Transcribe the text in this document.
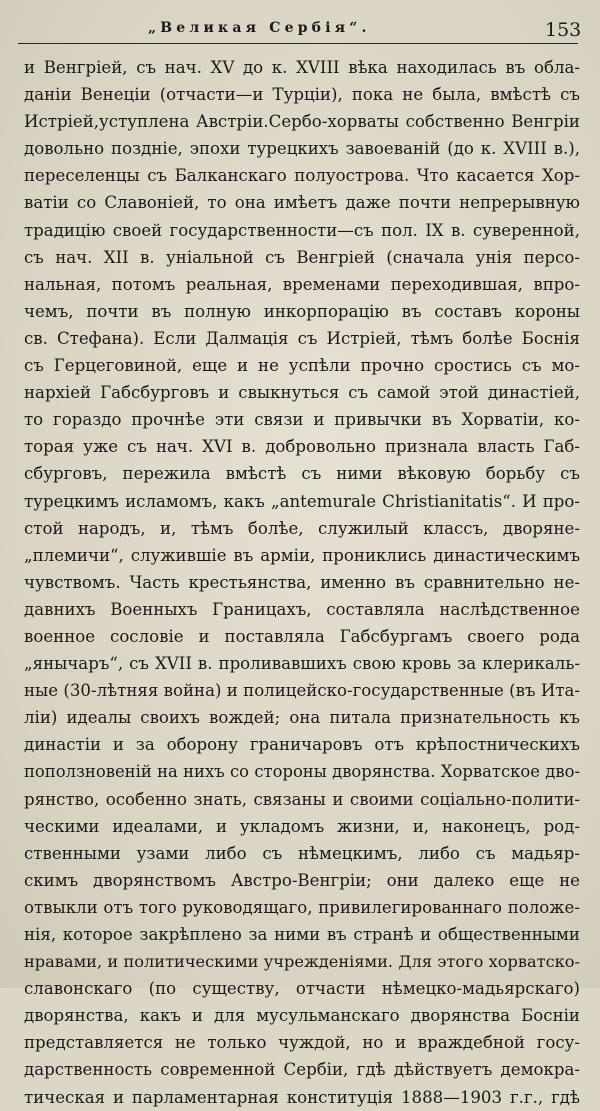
„Великая Сербія“.	153
и Венгріей, съ нач. XV до к. XVIII вѣка находилась въ обла-
даніи Венеціи (отчасти—и Турціи), пока не была, вмѣстѣ съ
Истріей,уступлена Австріи.Сербо-хорваты собственно Венгріи
довольно поздніе, эпохи турецкихъ завоеваній (до к. XVIII в.),
переселенцы съ Балканскаго полуострова. Что касается Хор-
ватіи со Славоніей, то она имѣетъ даже почти непрерывную
традицію своей государственности—съ пол. IX в. суверенной,
съ нач. XII в. уніальной съ Венгріей (сначала унія персо-
нальная, потомъ реальная, временами переходившая, впро-
чемъ, почти въ полную инкорпорацію въ составъ короны
св. Стефана). Если Далмація съ Истріей, тѣмъ болѣе Боснія
съ Герцеговиной, еще и не успѣли прочно сростись съ мо-
нархіей Габсбурговъ и свыкнуться съ самой этой династіей,
то гораздо прочнѣе эти связи и привычки въ Хорватіи, ко-
торая уже съ нач. XVI в. добровольно признала власть Габ-
сбурговъ, пережила вмѣстѣ съ ними вѣковую борьбу съ
турецкимъ исламомъ, какъ „antemurale Christianitatis“. И про-
стой народъ, и, тѣмъ болѣе, служилый классъ, дворяне-
„племичи“, служившіе въ арміи, прониклись династическимъ
чувствомъ. Часть крестьянства, именно въ сравнительно не-
давнихъ Военныхъ Границахъ, составляла наслѣдственное
военное сословіе и поставляла Габсбургамъ своего рода
„янычаръ“, съ XVII в. проливавшихъ свою кровь за клерикаль-
ные (30-лѣтняя война) и полицейско-государственные (въ Ита-
ліи) идеалы своихъ вождей; она питала признательность къ
династіи и за оборону граничаровъ отъ крѣпостническихъ
поползновеній на нихъ со стороны дворянства. Хорватское дво-
рянство, особенно знать, связаны и своими соціально-полити-
ческими идеалами, и укладомъ жизни, и, наконецъ, род-
ственными узами либо съ нѣмецкимъ, либо съ мадьяр-
скимъ дворянствомъ Австро-Венгріи; они далеко еще не
отвыкли отъ того руководящаго, привилегированнаго положе-
нія, которое закрѣплено за ними въ странѣ и общественными
нравами, и политическими учрежденіями. Для этого хорватско-
славонскаго (по существу, отчасти нѣмецко-мадьярскаго)
дворянства, какъ и для мусульманскаго дворянства Босніи
представляется не только чуждой, но и враждебной госу-
дарственность современной Сербіи, гдѣ дѣйствуетъ демокра-
тическая и парламентарная конституція 1888—1903 г.г., гдѣ
